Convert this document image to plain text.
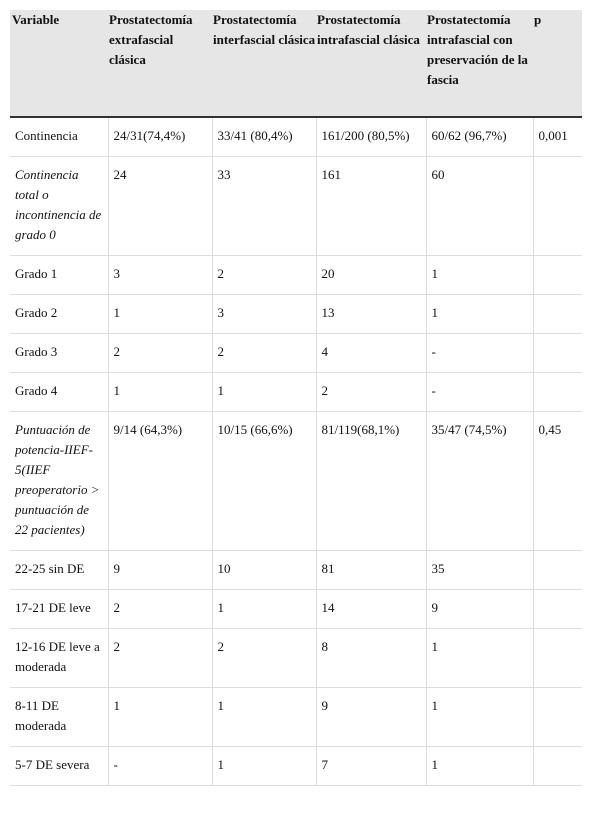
Variable	Prostatectomía extrafascial clásica	Prostatectomía interfascial clásica	Prostatectomía intrafascial clásica	Prostatectomía intrafascial con preservación de la fascia	p
Continencia	24/31(74,4%)	33/41 (80,4%)	161/200 (80,5%)	60/62 (96,7%)	0,001
Continencia total o incontinencia de grado 0	24	33	161	60	
Grado 1	3	2	20	1	
Grado 2	1	3	13	1	
Grado 3	2	2	4	-	
Grado 4	1	1	2	-	
Puntuación de potencia-IIEF-5(IIEF preoperatorio > puntuación de 22 pacientes)	9/14 (64,3%)	10/15 (66,6%)	81/119(68,1%)	35/47 (74,5%)	0,45
22-25 sin DE	9	10	81	35	
17-21 DE leve	2	1	14	9	
12-16 DE leve a moderada	2	2	8	1	
8-11 DE moderada	1	1	9	1	
5-7 DE severa	-	1	7	1	
